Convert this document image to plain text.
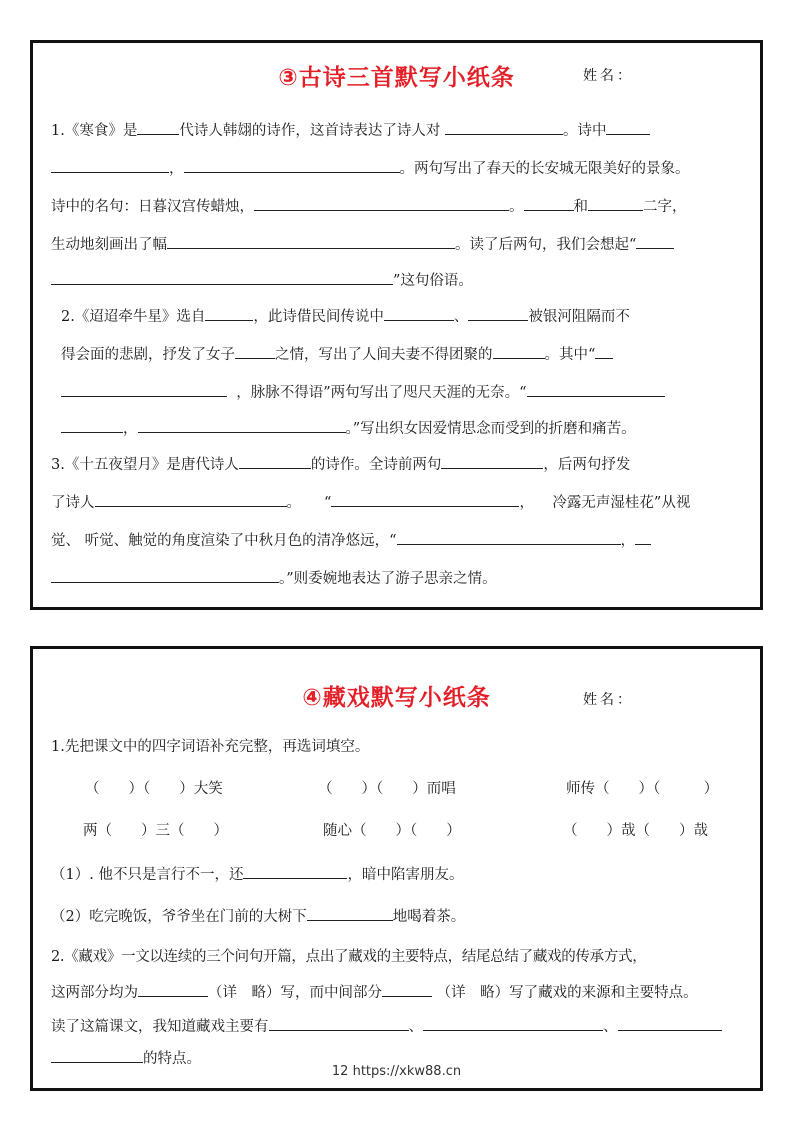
③古诗三首默写小纸条	姓名：
1.《寒食》是	代诗人韩翃的诗作，这首诗表达了诗人对	。诗中
，	。两句写出了春天的长安城无限美好的景象。
诗中的名句：日暮汉宫传蜡烛，	。	和	二字，
生动地刻画出了幅	。读了后两句，我们会想起“
”这句俗语。
2.《迢迢牵牛星》选自	，此诗借民间传说中	、	被银河阻隔而不
得会面的悲剧，抒发了女子	之情，写出了人间夫妻不得团聚的	。其中“
，脉脉不得语”两句写出了咫尺天涯的无奈。“
，	。”写出织女因爱情思念而受到的折磨和痛苦。
3.《十五夜望月》是唐代诗人	的诗作。全诗前两句	，后两句抒发
了诗人	。 “	， 冷露无声湿桂花”从视
觉、 听觉、触觉的角度渲染了中秋月色的清净悠远，“	，
。”则委婉地表达了游子思亲之情。
④藏戏默写小纸条	姓名：
1.先把课文中的四字词语补充完整，再选词填空。
（　　）（　　）大笑	（　　）（　　）而唱	师传（　　）（　　　）
两（　　）三（　　）	随心（　　）（　　）	（　　）哉（　　）哉
（1）. 他不只是言行不一，还	，暗中陷害朋友。
（2）吃完晚饭，爷爷坐在门前的大树下	地喝着茶。
2.《藏戏》一文以连续的三个问句开篇，点出了藏戏的主要特点，结尾总结了藏戏的传承方式，
这两部分均为	（详　略）写，而中间部分	（详　略）写了藏戏的来源和主要特点。
读了这篇课文，我知道藏戏主要有	、	、
的特点。
12 https://xkw88.cn
